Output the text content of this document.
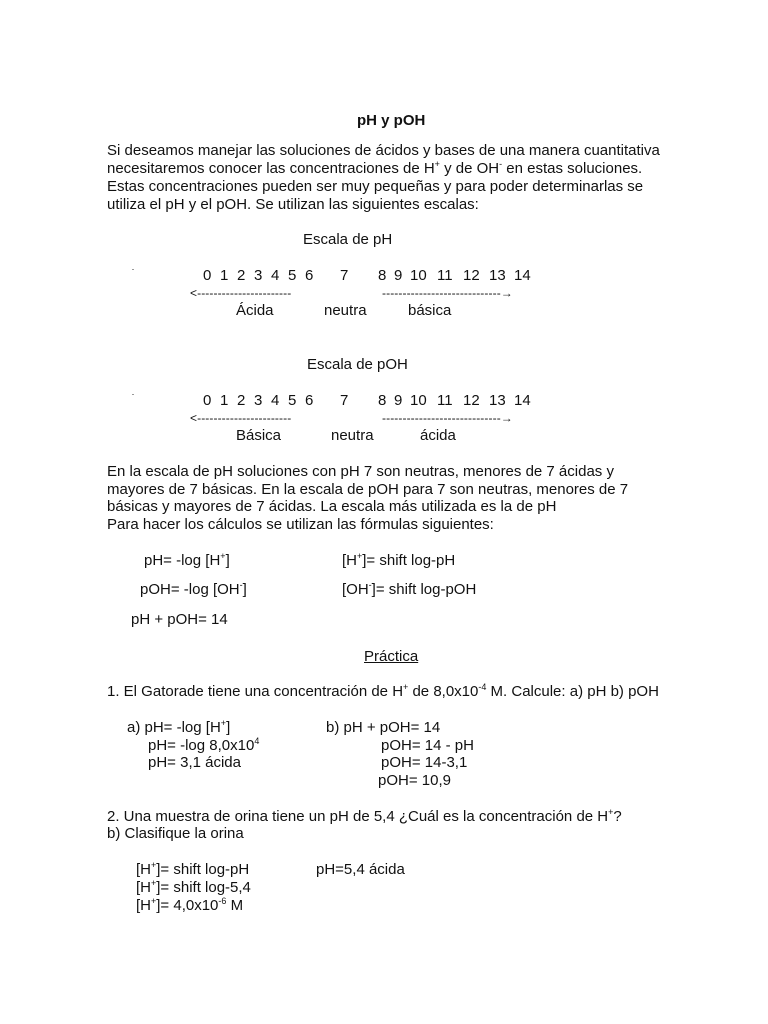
pH y pOH
Si deseamos manejar las soluciones de ácidos y bases de una manera cuantitativa
necesitaremos conocer las concentraciones de H+ y de OH- en estas soluciones.
Estas concentraciones pueden ser muy pequeñas y para poder determinarlas se
utiliza el pH y el pOH. Se utilizan las siguientes escalas:
Escala de pH
0 1 2 3 4 5 6 7 8 9 10 11 12 13 14
<-----------------------	-----------------------------→
Ácida	neutra	básica
Escala de pOH
0 1 2 3 4 5 6 7 8 9 10 11 12 13 14
<-----------------------	-----------------------------→
Básica	neutra	ácida
En la escala de pH soluciones con pH 7 son neutras, menores de 7 ácidas y
mayores de 7 básicas. En la escala de pOH para 7 son neutras, menores de 7
básicas y mayores de 7 ácidas. La escala más utilizada es la de pH
Para hacer los cálculos se utilizan las fórmulas siguientes:
pH= -log [H+]	[H+]= shift log-pH
pOH= -log [OH-]	[OH-]= shift log-pOH
pH + pOH= 14
Práctica
1. El Gatorade tiene una concentración de H+ de $8,0x10^{-4}$ M. Calcule: a) pH b) pOH
a) pH= -log [H+]
pH= -log $8,0x10^4$
pH= 3,1 ácida
b) pH + pOH= 14
pOH= 14 - pH
pOH= 14-3,1
pOH= 10,9
2. Una muestra de orina tiene un pH de 5,4 ¿Cuál es la concentración de H+?
b) Clasifique la orina
[H+]= shift log-pH
[H+]= shift log-5,4
$[H^+]= 4,0x10^{-6}$ M
pH=5,4 ácida
